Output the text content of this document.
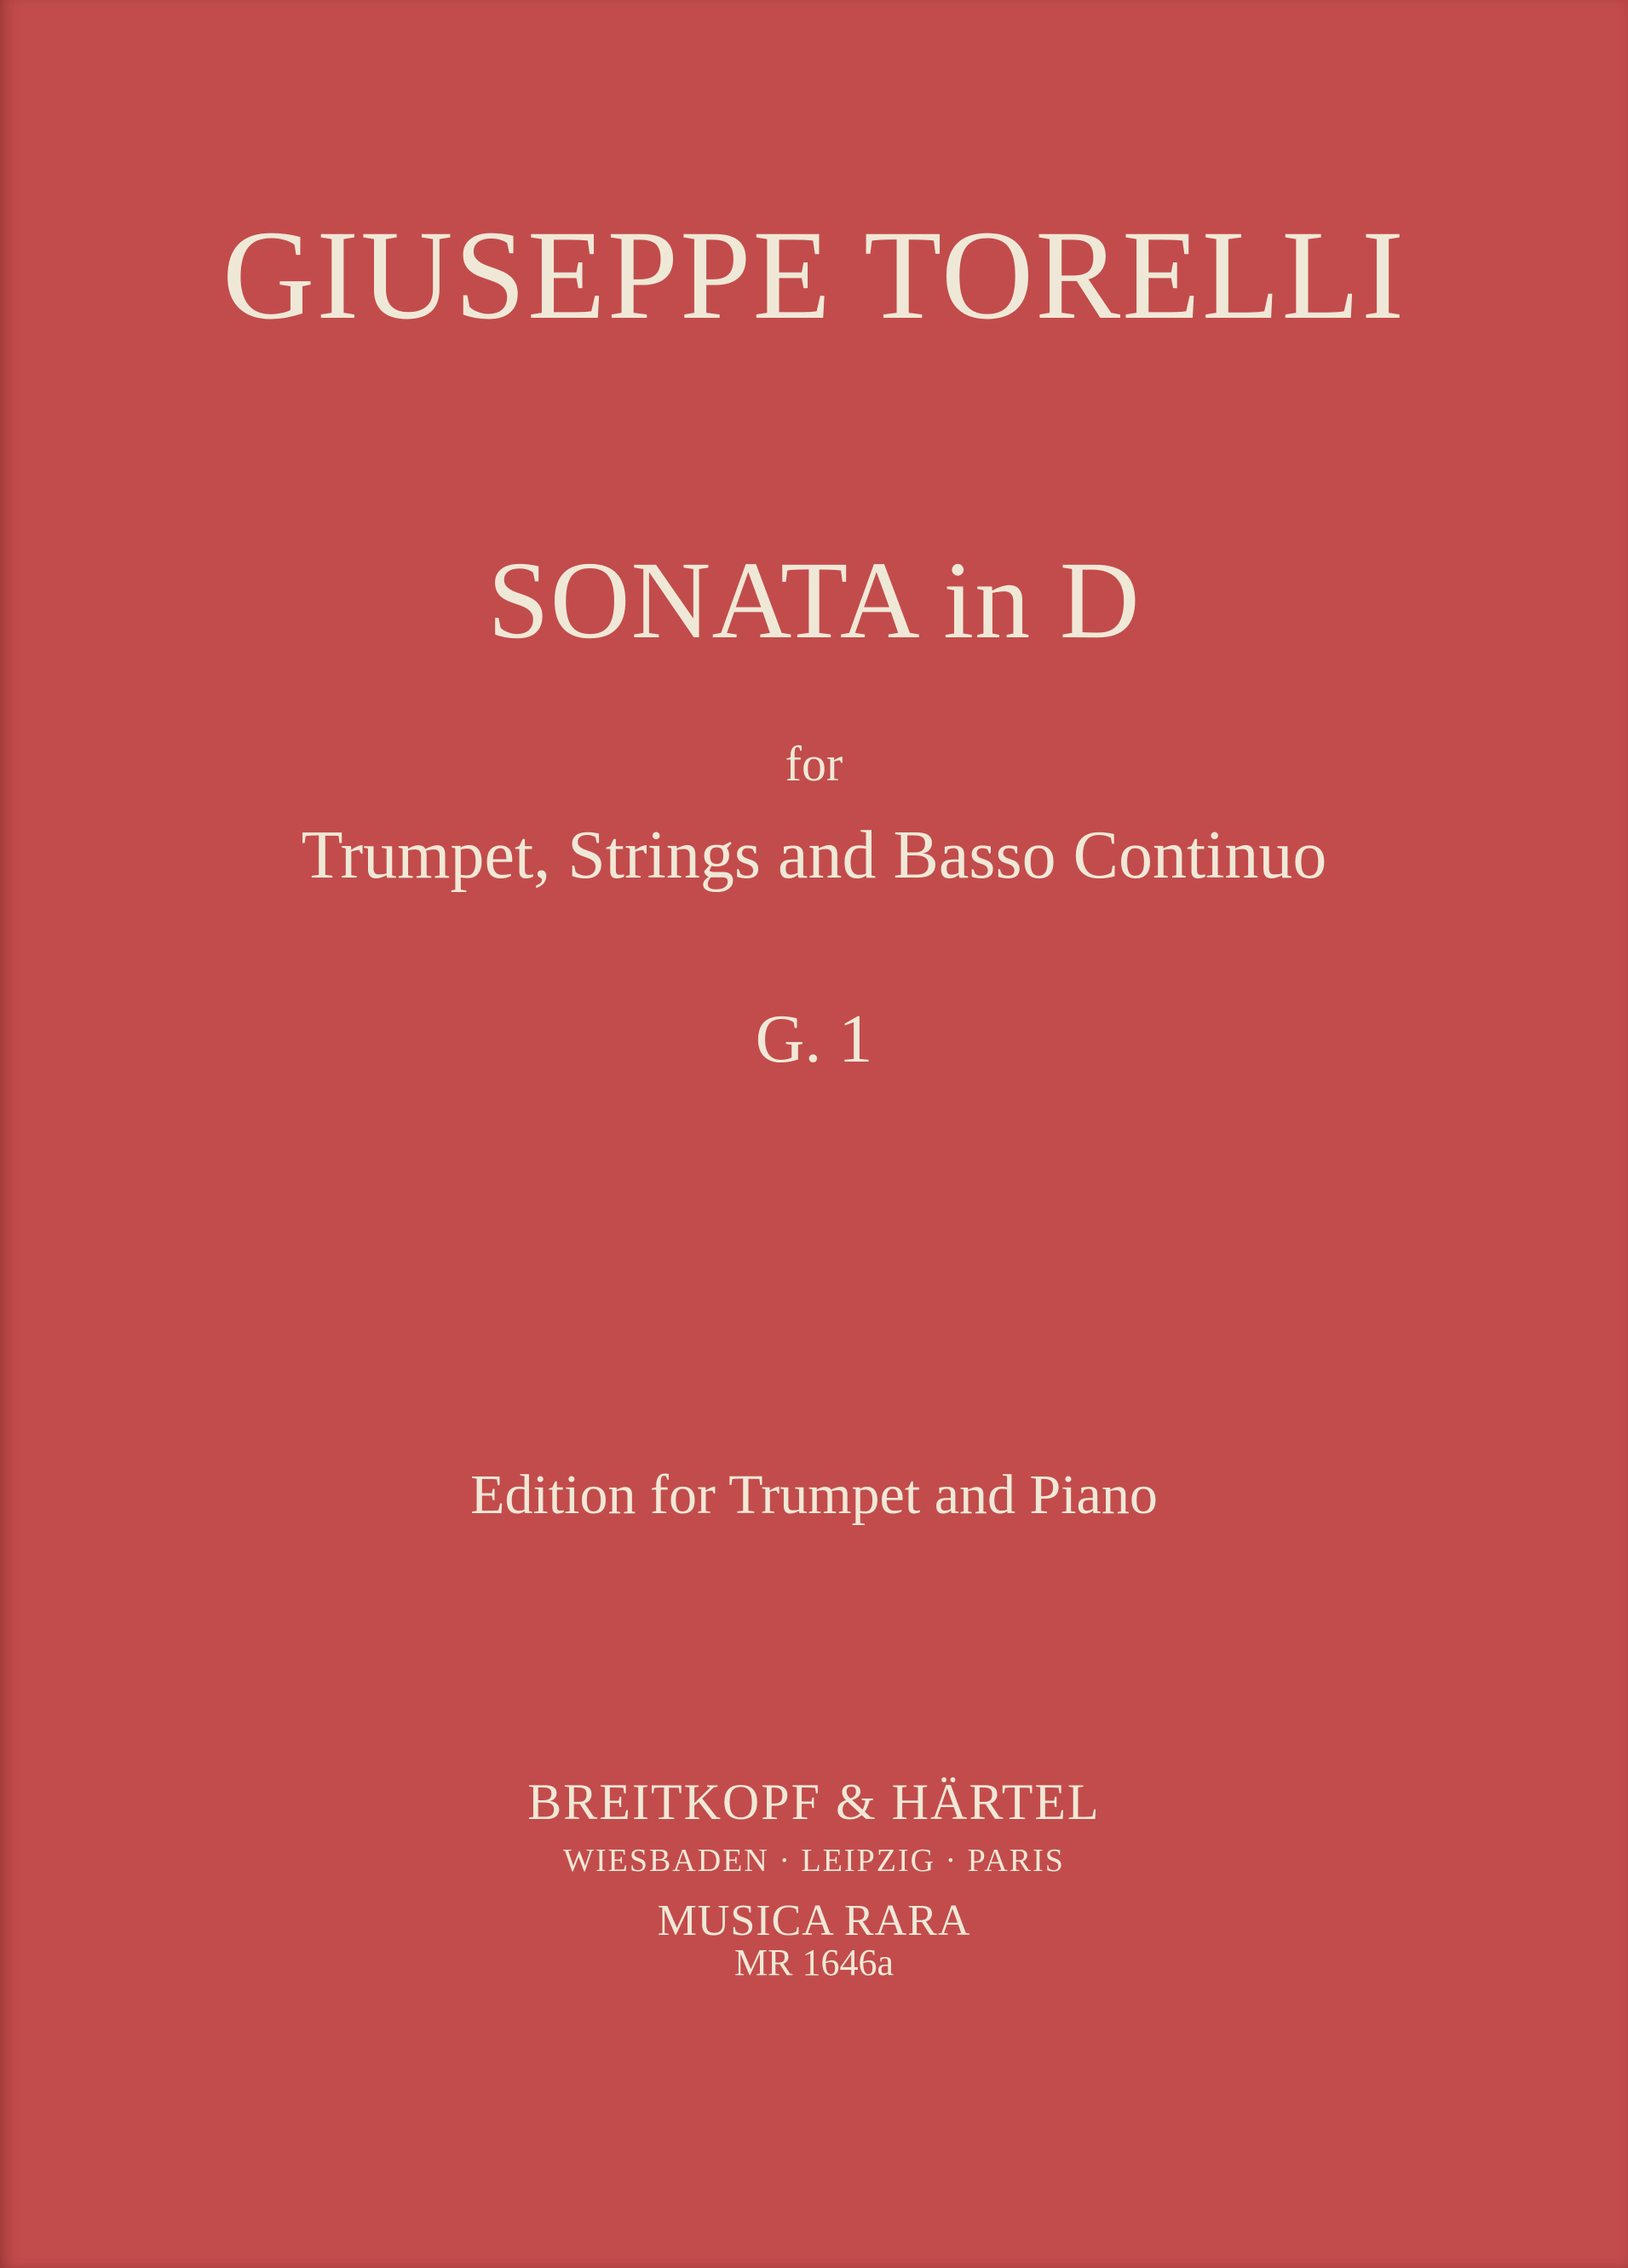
GIUSEPPE TORELLI
SONATA in D
for
Trumpet, Strings and Basso Continuo
G. 1
Edition for Trumpet and Piano
BREITKOPF & HÄRTEL
WIESBADEN · LEIPZIG · PARIS
MUSICA RARA
MR 1646a
